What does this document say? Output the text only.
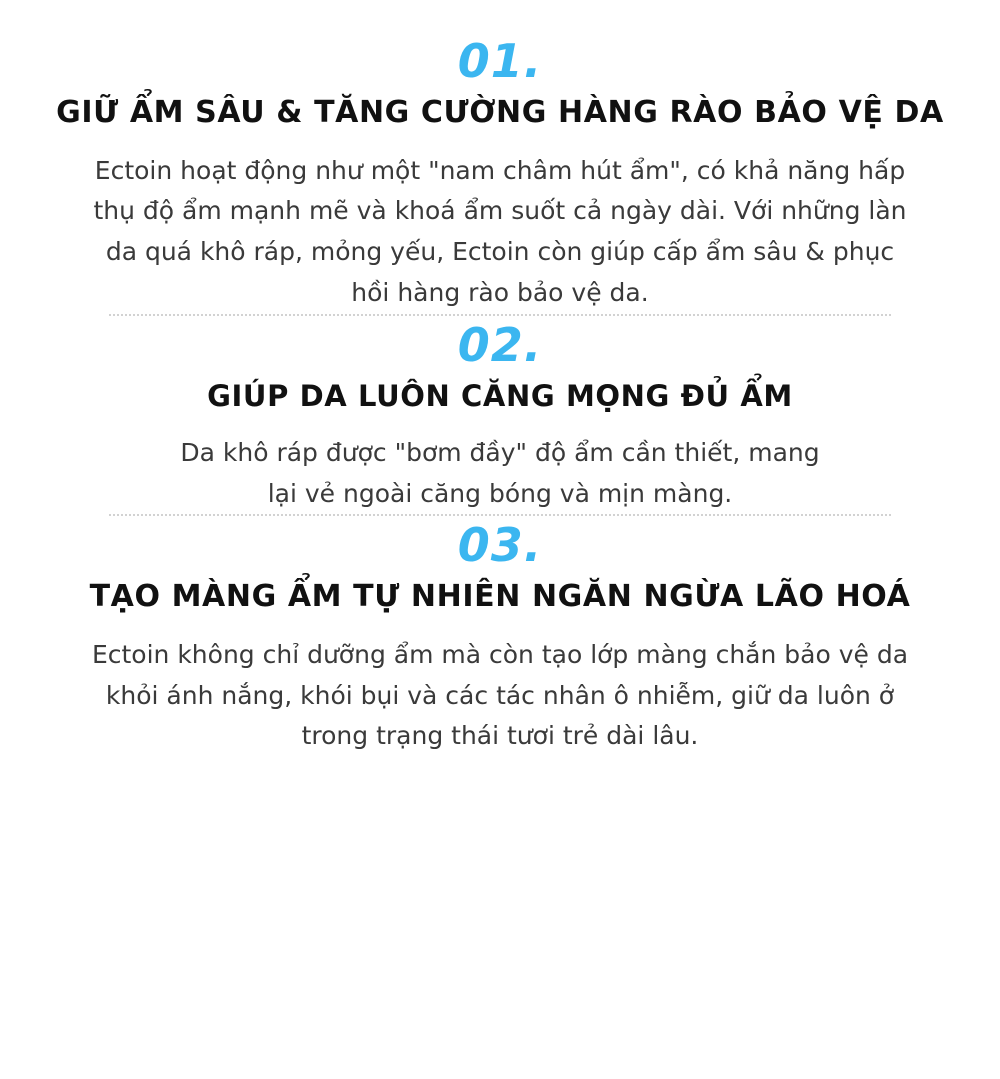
01.
GIỮ ẨM SÂU & TĂNG CƯỜNG HÀNG RÀO BẢO VỆ DA

Ectoin hoạt động như một "nam châm hút ẩm", có khả năng hấp thụ độ ẩm mạnh mẽ và khoá ẩm suốt cả ngày dài. Với những làn da quá khô ráp, mỏng yếu, Ectoin còn giúp cấp ẩm sâu & phục hồi hàng rào bảo vệ da.

02.
GIÚP DA LUÔN CĂNG MỌNG ĐỦ ẨM

Da khô ráp được "bơm đầy" độ ẩm cần thiết, mang lại vẻ ngoài căng bóng và mịn màng.

03.
TẠO MÀNG ẨM TỰ NHIÊN NGĂN NGỪA LÃO HOÁ

Ectoin không chỉ dưỡng ẩm mà còn tạo lớp màng chắn bảo vệ da khỏi ánh nắng, khói bụi và các tác nhân ô nhiễm, giữ da luôn ở trong trạng thái tươi trẻ dài lâu.
